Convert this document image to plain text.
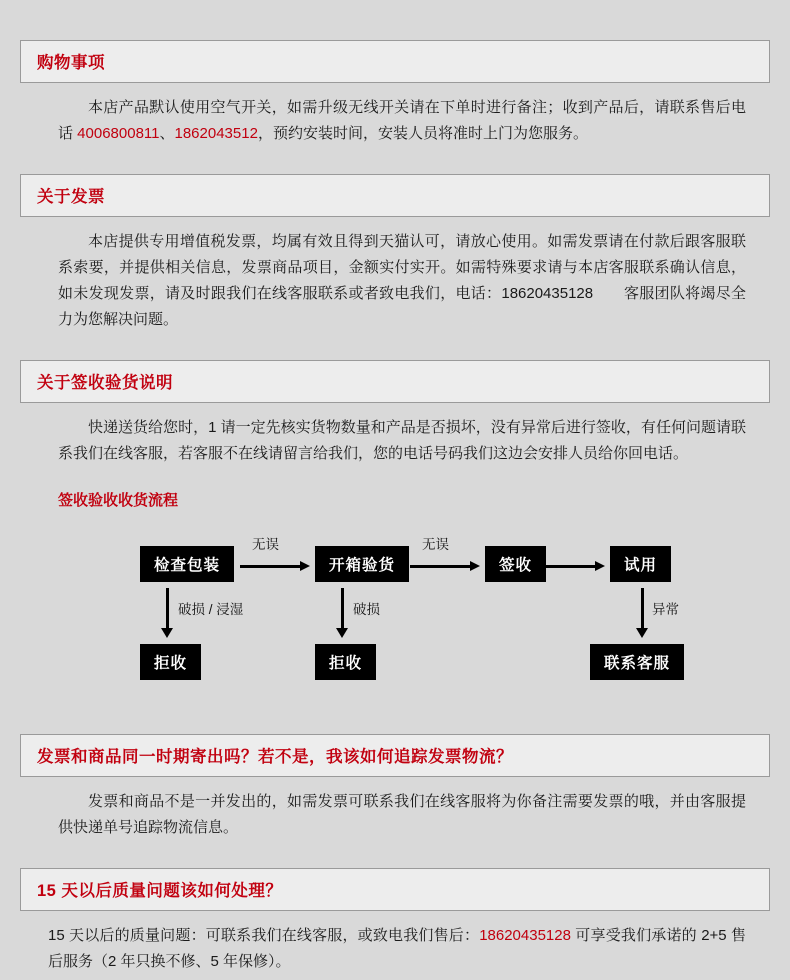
购物事项

本店产品默认使用空气开关，如需升级无线开关请在下单时进行备注；收到产品后，请联系售后电话 4006800811、1862043512，预约安装时间，安装人员将准时上门为您服务。

关于发票

本店提供专用增值税发票，均属有效且得到天猫认可，请放心使用。如需发票请在付款后跟客服联系索要，并提供相关信息，发票商品项目，金额实付实开。如需特殊要求请与本店客服联系确认信息，如未发现发票，请及时跟我们在线客服联系或者致电我们，电话：18620435128　　客服团队将竭尽全力为您解决问题。

关于签收验货说明

快递送货给您时，1 请一定先核实货物数量和产品是否损坏，没有异常后进行签收，有任何问题请联系我们在线客服，若客服不在线请留言给我们，您的电话号码我们这边会安排人员给你回电话。

签收验收收货流程
检查包装	开箱验货	签收	试用
无误	无误
破损 / 浸湿	破损	异常
拒收	拒收	联系客服
发票和商品同一时期寄出吗？若不是，我该如何追踪发票物流？

发票和商品不是一并发出的，如需发票可联系我们在线客服将为你备注需要发票的哦，并由客服提供快递单号追踪物流信息。

15 天以后质量问题该如何处理？

15 天以后的质量问题：可联系我们在线客服，或致电我们售后：18620435128 可享受我们承诺的 2+5 售后服务（2 年只换不修、5 年保修）。
